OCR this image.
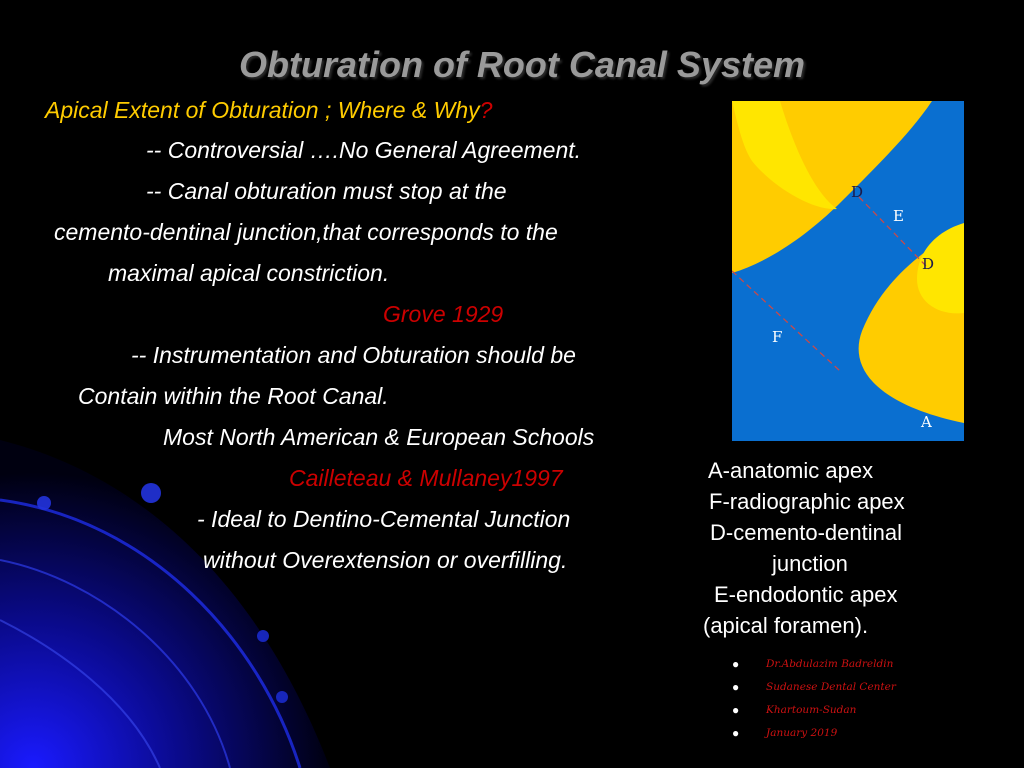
Obturation of Root Canal System
Apical Extent of Obturation ; Where & Why?
-- Controversial ….No General Agreement.
-- Canal obturation must stop at the
cemento-dentinal junction,that corresponds to the
maximal apical constriction.
Grove 1929
-- Instrumentation and Obturation should be
Contain within the Root Canal.
Most North American & European Schools
Cailleteau & Mullaney1997
- Ideal to Dentino-Cemental Junction
without Overextension or overfilling.
D
E
D
F
A
A-anatomic apex
F-radiographic apex
D-cemento-dentinal
junction
E-endodontic apex
(apical foramen).
●	Dr.Abdulazim Badreldin
●	Sudanese Dental Center
●	Khartoum-Sudan
●	January 2019
